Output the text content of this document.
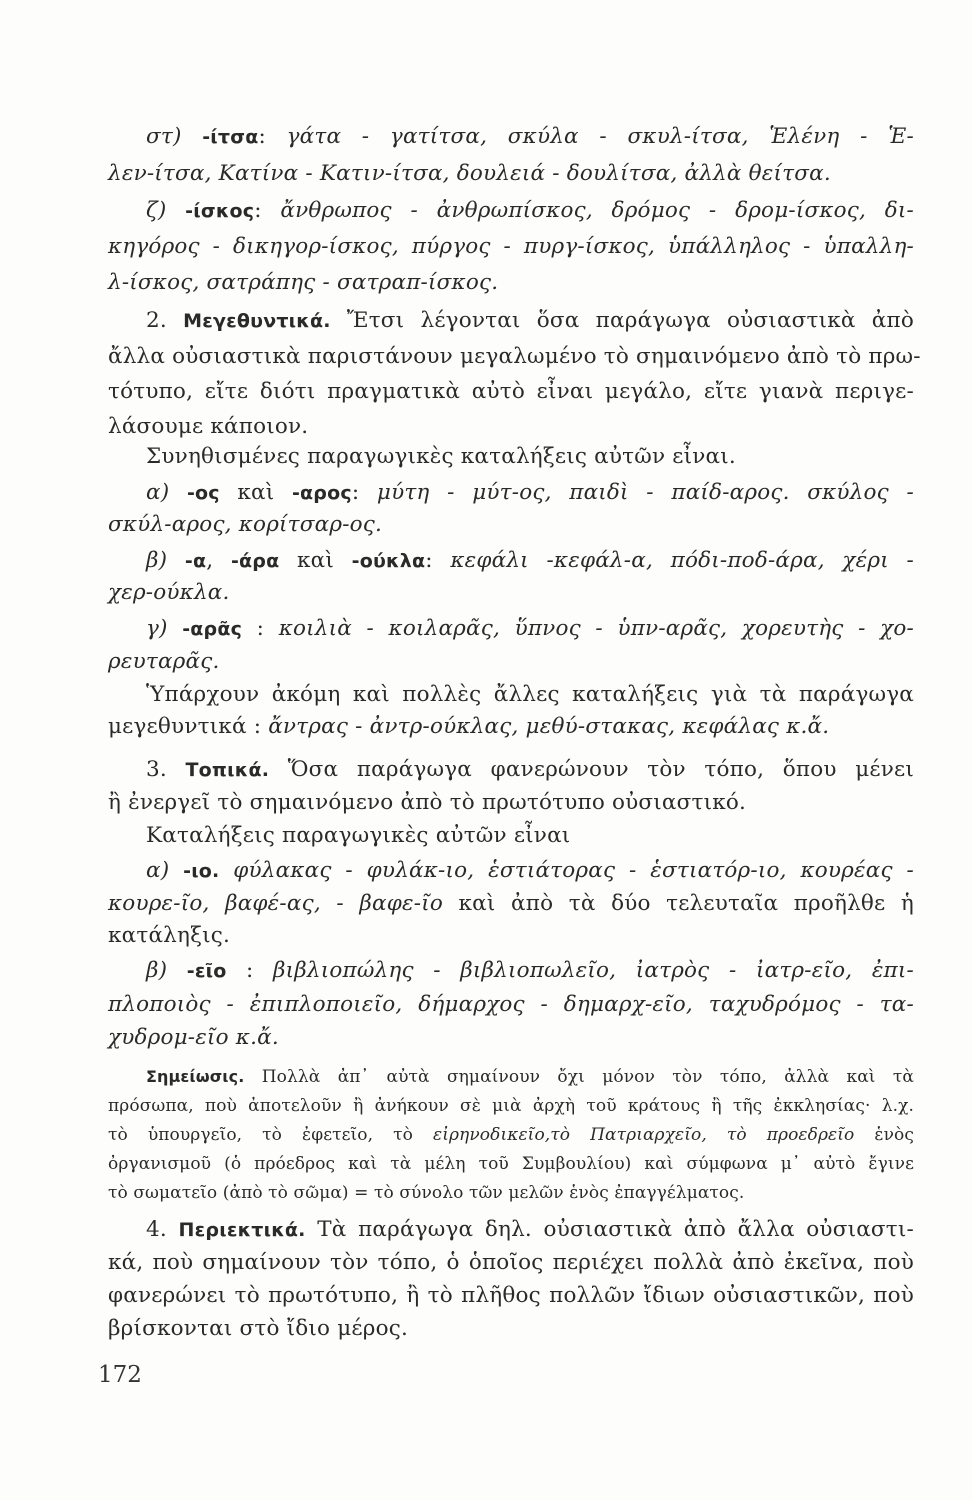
στ) -ίτσα: γάτα - γατίτσα, σκύλα - σκυλ-ίτσα, Ἑλένη - Ἑ-
λεν-ίτσα, Κατίνα - Κατιν-ίτσα, δουλειά - δουλίτσα, ἀλλὰ θείτσα.
ζ) -ίσκος: ἄνθρωπος - ἀνθρωπίσκος, δρόμος - δρομ-ίσκος, δι-
κηγόρος - δικηγορ-ίσκος, πύργος - πυργ-ίσκος, ὑπάλληλος - ὑπαλλη-
λ-ίσκος, σατράπης - σατραπ-ίσκος.
2. Μεγεθυντικά. Ἔτσι λέγονται ὅσα παράγωγα οὐσιαστικὰ ἀπὸ
ἄλλα οὐσιαστικὰ παριστάνουν μεγαλωμένο τὸ σημαινόμενο ἀπὸ τὸ πρω-
τότυπο, εἴτε διότι πραγματικὰ αὐτὸ εἶναι μεγάλο, εἴτε γιανὰ περιγε-
λάσουμε κάποιον.
Συνηθισμένες παραγωγικὲς καταλήξεις αὐτῶν εἶναι.
α) -ος καὶ -αρος: μύτη - μύτ-ος, παιδὶ - παίδ-αρος. σκύλος -
σκύλ-αρος, κορίτσαρ-ος.
β) -α, -άρα καὶ -ούκλα: κεφάλι -κεφάλ-α, πόδι-ποδ-άρα, χέρι -
χερ-ούκλα.
γ) -αρᾶς : κοιλιὰ - κοιλαρᾶς, ὕπνος - ὑπν-αρᾶς, χορευτὴς - χο-
ρευταρᾶς.
Ὑπάρχουν ἀκόμη καὶ πολλὲς ἄλλες καταλήξεις γιὰ τὰ παράγωγα
μεγεθυντικά : ἄντρας - ἀντρ-ούκλας, μεθύ-στακας, κεφάλας κ.ἄ.
3. Τοπικά. Ὅσα παράγωγα φανερώνουν τὸν τόπο, ὅπου μένει
ἢ ἐνεργεῖ τὸ σημαινόμενο ἀπὸ τὸ πρωτότυπο οὐσιαστικό.
Καταλήξεις παραγωγικὲς αὐτῶν εἶναι
α) -ιο. φύλακας - φυλάκ-ιο, ἑστιάτορας - ἑστιατόρ-ιο, κουρέας -
κουρε-ῖο, βαφέ-ας, - βαφε-ῖο καὶ ἀπὸ τὰ δύο τελευταῖα προῆλθε ἡ
κατάληξις.
β) -εῖο : βιβλιοπώλης - βιβλιοπωλεῖο, ἰατρὸς - ἰατρ-εῖο, ἐπι-
πλοποιὸς - ἐπιπλοποιεῖο, δήμαρχος - δημαρχ-εῖο, ταχυδρόμος - τα-
χυδρομ-εῖο κ.ἄ.
Σημείωσις. Πολλὰ ἀπ᾽ αὐτὰ σημαίνουν ὄχι μόνον τὸν τόπο, ἀλλὰ καὶ τὰ
πρόσωπα, ποὺ ἀποτελοῦν ἢ ἀνήκουν σὲ μιὰ ἀρχὴ τοῦ κράτους ἢ τῆς ἐκκλησίας· λ.χ.
τὸ ὑπουργεῖο, τὸ ἐφετεῖο, τὸ εἰρηνοδικεῖο,τὸ Πατριαρχεῖο, τὸ προεδρεῖο ἑνὸς
ὀργανισμοῦ (ὁ πρόεδρος καὶ τὰ μέλη τοῦ Συμβουλίου) καὶ σύμφωνα μ᾽ αὐτὸ ἔγινε
τὸ σωματεῖο (ἀπὸ τὸ σῶμα) = τὸ σύνολο τῶν μελῶν ἑνὸς ἐπαγγέλματος.
4. Περιεκτικά. Τὰ παράγωγα δηλ. οὐσιαστικὰ ἀπὸ ἄλλα οὐσιαστι-
κά, ποὺ σημαίνουν τὸν τόπο, ὁ ὁποῖος περιέχει πολλὰ ἀπὸ ἐκεῖνα, ποὺ
φανερώνει τὸ πρωτότυπο, ἢ τὸ πλῆθος πολλῶν ἴδιων οὐσιαστικῶν, ποὺ
βρίσκονται στὸ ἴδιο μέρος.
172
